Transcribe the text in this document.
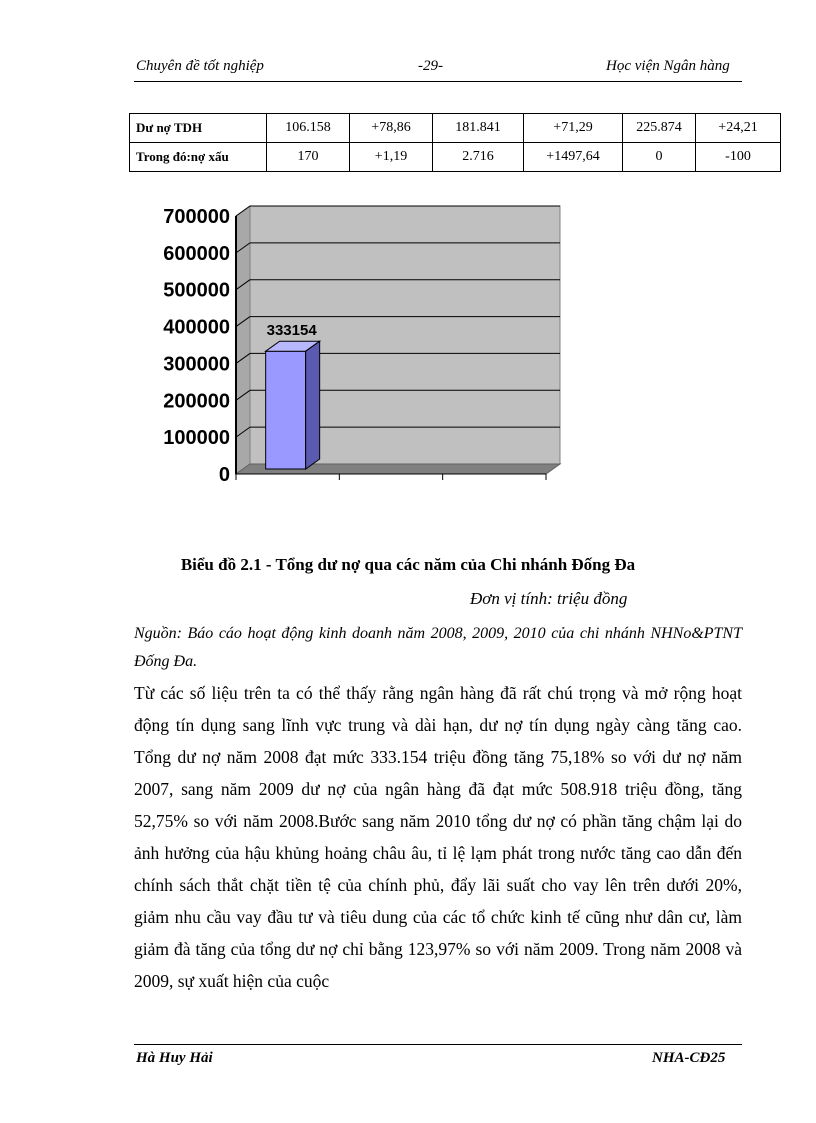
Chuyên đề tốt nghiệp	-29-	Học viện Ngân hàng
Dư nợ TDH	106.158	+78,86	181.841	+71,29	225.874	+24,21
Trong đó:nợ xấu	170	+1,19	2.716	+1497,64	0	-100
0
100000
200000
300000
400000
500000
600000
700000
333154
Biểu đồ 2.1 - Tổng dư nợ qua các năm của Chi nhánh Đống Đa
Đơn vị tính: triệu đồng
Nguồn: Báo cáo hoạt động kinh doanh năm 2008, 2009, 2010 của chi nhánh NHNo&PTNT Đống Đa.
Từ các số liệu trên ta có thể thấy rằng ngân hàng đã rất chú trọng và mở rộng hoạt động tín dụng sang lĩnh vực trung và dài hạn, dư nợ tín dụng ngày càng tăng cao. Tổng dư nợ năm 2008 đạt mức 333.154 triệu đồng tăng 75,18% so với dư nợ năm 2007, sang năm 2009 dư nợ của ngân hàng đã đạt mức 508.918 triệu đồng, tăng 52,75% so với năm 2008.Bước sang năm 2010 tổng dư nợ có phần tăng chậm lại do ảnh hưởng của hậu khủng hoảng châu âu, tỉ lệ lạm phát trong nước tăng cao dẫn đến chính sách thắt chặt tiền tệ của chính phủ, đẩy lãi suất cho vay lên trên dưới 20%, giảm nhu cầu vay đầu tư và tiêu dung của các tổ chức kinh tế cũng như dân cư, làm giảm đà tăng của tổng dư nợ chỉ bằng 123,97% so với năm 2009. Trong năm 2008 và 2009, sự xuất hiện của cuộc
Hà Huy Hải	NHA-CĐ25
